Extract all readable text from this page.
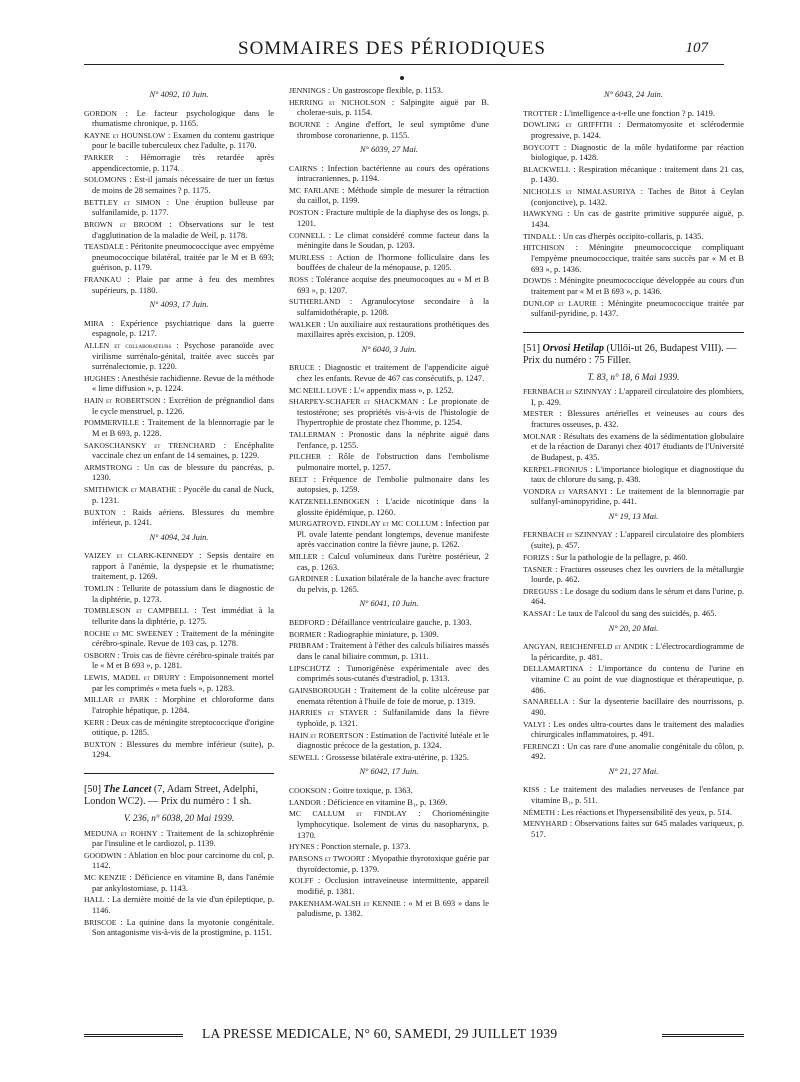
SOMMAIRES DES PÉRIODIQUES	107
N° 4092, 10 Juin.
GORDON : Le facteur psychologique dans le rhumatisme chronique, p. 1165.
KAYNE et HOUNSLOW : Examen du contenu gastrique pour le bacille tuberculeux chez l'adulte, p. 1170.
PARKER : Hémorragie très retardée après appendicectomie, p. 1174.
SOLOMONS : Est-il jamais nécessaire de tuer un fœtus de moins de 28 semaines ? p. 1175.
BETTLEY et SIMON : Une éruption bulleuse par sulfanilamide, p. 1177.
BROWN et BROOM : Observations sur le test d'agglutination de la maladie de Weil, p. 1178.
TEASDALE : Péritonite pneumococcique avec empyème pneumococcique bilatéral, traitée par le M et B 693; guérison, p. 1179.
FRANKAU : Plaie par arme à feu des membres supérieurs, p. 1180.
N° 4093, 17 Juin.
MIRA : Expérience psychiatrique dans la guerre espagnole, p. 1217.
ALLEN et collaborateurs : Psychose paranoïde avec virilisme surrénalo-génital, traitée avec succès par surrénalectomie, p. 1220.
HUGHES : Anesthésie rachidienne. Revue de la méthode « lime diffusion », p. 1224.
HAIN et ROBERTSON : Excrétion de prégnandiol dans le cycle menstruel, p. 1226.
POMMERVILLE : Traitement de la blennorragie par le M et B 693, p. 1228.
SAKOSCHANSKY et TRENCHARD : Encéphalite vaccinale chez un enfant de 14 semaines, p. 1229.
ARMSTRONG : Un cas de blessure du pancréas, p. 1230.
SMITHWICK et MABATHE : Pyocèle du canal de Nuck, p. 1231.
BUXTON : Raids aériens. Blessures du membre inférieur, p. 1241.
N° 4094, 24 Juin.
VAIZEY et CLARK-KENNEDY : Sepsis dentaire en rapport à l'anémie, la dyspepsie et le rhumatisme; traitement, p. 1269.
TOMLIN : Tellurite de potassium dans le diagnostic de la diphtérie, p. 1273.
TOMBLESON et CAMPBELL : Test immédiat à la tellurite dans la diphtérie, p. 1275.
ROCHE et MC SWEENEY : Traitement de la méningite cérébro-spinale. Revue de 103 cas, p. 1278.
OSBORN : Trois cas de fièvre cérébro-spinale traités par le « M et B 693 », p. 1281.
LEWIS, MADEL et DRURY : Empoisonnement mortel par les comprimés « meta fuels », p. 1283.
MILLAR et PARK : Morphine et chloroforme dans l'atrophie hépatique, p. 1284.
KERR : Deux cas de méningite streptococcique d'origine otitique, p. 1285.
BUXTON : Blessures du membre inférieur (suite), p. 1294.
[50] The Lancet (7, Adam Street, Adelphi, London WC2). — Prix du numéro : 1 sh.
V. 236, n° 6038, 20 Mai 1939.
MEDUNA et ROHNY : Traitement de la schizophrénie par l'insuline et le cardiozol, p. 1139.
GOODWIN : Ablation en bloc pour carcinome du col, p. 1142.
MC KENZIE : Déficience en vitamine B, dans l'anémie par ankylostomiase, p. 1143.
HALL : La dernière moitié de la vie d'un épileptique, p. 1146.
BRISCOE : La quinine dans la myotonie congénitale. Son antagonisme vis-à-vis de la prostigmine, p. 1151.
JENNINGS : Un gastroscope flexible, p. 1153.
HERRING et NICHOLSON : Salpingite aiguë par B. cholerae-suis, p. 1154.
BOURNE : Angine d'effort, le seul symptôme d'une thrombose coronarienne, p. 1155.
N° 6039, 27 Mai.
CAIRNS : Infection bactérienne au cours des opérations intracraniennes, p. 1194.
MC FARLANE : Méthode simple de mesurer la rétraction du caillot, p. 1199.
POSTON : Fracture multiple de la diaphyse des os longs, p. 1201.
CONNELL : Le climat considéré comme facteur dans la méningite dans le Soudan, p. 1203.
MURLESS : Action de l'hormone folliculaire dans les bouffées de chaleur de la ménopause, p. 1205.
ROSS : Tolérance acquise des pneumocoques au « M et B 693 », p. 1207.
SUTHERLAND : Agranulocytose secondaire à la sulfamidothérapie, p. 1208.
WALKER : Un auxiliaire aux restaurations prothétiques des maxillaires après excision, p. 1209.
N° 6040, 3 Juin.
BRUCE : Diagnostic et traitement de l'appendicite aiguë chez les enfants. Revue de 467 cas consécutifs, p. 1247.
MC NEILL LOVE : L'« appendix mass », p. 1252.
SHARPEY-SCHAFER et SHACKMAN : Le propionate de testostérone; ses propriétés vis-à-vis de l'histologie de l'hypertrophie de prostate chez l'homme, p. 1254.
TALLERMAN : Pronostic dans la néphrite aiguë dans l'enfance, p. 1255.
PILCHER : Rôle de l'obstruction dans l'embolisme pulmonaire mortel, p. 1257.
BELT : Fréquence de l'embolie pulmonaire dans les autopsies, p. 1259.
KATZENELLENBOGEN : L'acide nicotinique dans la glossite épidémique, p. 1260.
MURGATROYD, FINDLAY et MC COLLUM : Infection par Pl. ovale latente pendant longtemps, devenue manifeste après vaccination contre la fièvre jaune, p. 1262.
MILLER : Calcul volumineux dans l'urètre postérieur, 2 cas, p. 1263.
GARDINER : Luxation bilatérale de la hanche avec fracture du pelvis, p. 1265.
N° 6041, 10 Juin.
BEDFORD : Défaillance ventriculaire gauche, p. 1303.
BORMER : Radiographie miniature, p. 1309.
PRIBRAM : Traitement à l'éther des calculs biliaires massés dans le canal biliaire commun, p. 1311.
LIPSCHÜTZ : Tumorigénèse expérimentale avec des comprimés sous-cutanés d'œstradiol, p. 1313.
GAINSBOROUGH : Traitement de la colite ulcéreuse par enemata rétention à l'huile de foie de morue, p. 1319.
HARRIES et STAYER : Sulfanilamide dans la fièvre typhoïde, p. 1321.
HAIN et ROBERTSON : Estimation de l'activité lutéale et le diagnostic précoce de la gestation, p. 1324.
SEWELL : Grossesse bilatérale extra-utérine, p. 1325.
N° 6042, 17 Juin.
COOKSON : Goitre toxique, p. 1363.
LANDOR : Déficience en vitamine B₁, p. 1369.
MC CALLUM et FINDLAY : Chorioméningite lymphocytique. Isolement de virus du nasopharynx, p. 1370.
HYNES : Ponction sternale, p. 1373.
PARSONS et TWOORT : Myopathie thyrotoxique guérie par thyroïdectomie, p. 1379.
KOLFF : Occlusion intraveineuse intermittente, appareil modifié, p. 1381.
PAKENHAM-WALSH et KENNIE : « M et B 693 » dans le paludisme, p. 1382.
N° 6043, 24 Juin.
TROTTER : L'intelligence a-t-elle une fonction ? p. 1419.
DOWLING et GRIFFITH : Dermatomyosite et sclérodermie progressive, p. 1424.
BOYCOTT : Diagnostic de la môle hydatiforme par réaction biologique, p. 1428.
BLACKWELL : Respiration mécanique : traitement dans 21 cas, p. 1430.
NICHOLLS et NIMALASURIYA : Taches de Bitot à Ceylan (conjonctive), p. 1432.
HAWKYNG : Un cas de gastrite primitive suppurée aiguë, p. 1434.
TINDALL : Un cas d'herpès occipito-collaris, p. 1435.
HITCHISON : Méningite pneumococcique compliquant l'empyème pneumococcique, traitée sans succès par « M et B 693 », p. 1436.
DOWDS : Méningite pneumococcique développée au cours d'un traitement par « M et B 693 », p. 1436.
DUNLOP et LAURIE : Méningite pneumococcique traitée par sulfanil-pyridine, p. 1437.
[51] Orvosi Hetilap (Ullői-ut 26, Budapest VIII). — Prix du numéro : 75 Filler.
T. 83, n° 18, 6 Mai 1939.
FERNBACH et SZINNYAY : L'appareil circulatoire des plombiers, I, p. 429.
MESTER : Blessures artérielles et veineuses au cours des fractures osseuses, p. 432.
MOLNAR : Résultats des examens de la sédimentation globulaire et de la réaction de Daranyi chez 4017 étudiants de l'Université de Budapest, p. 435.
KERPEL-FRONIUS : L'importance biologique et diagnostique du taux de chlorure du sang, p. 438.
VONDRA et VARSANYI : Le traitement de la blennorragie par sulfanyl-aminopyridine, p. 441.
N° 19, 13 Mai.
FERNBACH et SZINNYAY : L'appareil circulatoire des plombiers (suite), p. 457.
FORIZS : Sur la pathologie de la pellagre, p. 460.
TASNER : Fractures osseuses chez les ouvriers de la métallurgie lourde, p. 462.
DREGUSS : Le dosage du sodium dans le sérum et dans l'urine, p. 464.
KASSAI : Le taux de l'alcool du sang des suicidés, p. 465.
N° 20, 20 Mai.
ANGYAN, REICHENFELD et ANDIK : L'électrocardiogramme de la péricardite, p. 481.
DELLAMARTINA : L'importance du contenu de l'urine en vitamine C au point de vue diagnostique et thérapeutique, p. 486.
SANARELLA : Sur la dysenterie bacillaire des nourrissons, p. 490.
VALYI : Les ondes ultra-courtes dans le traitement des maladies chirurgicales inflammatoires, p. 491.
FERENCZI : Un cas rare d'une anomalie congénitale du côlon, p. 492.
N° 21, 27 Mai.
KISS : Le traitement des maladies nerveuses de l'enfance par vitamine B₁, p. 511.
NÉMETH : Les réactions et l'hypersensibilité des yeux, p. 514.
MENYHARD : Observations faites sur 645 malades variqueux, p. 517.
LA PRESSE MEDICALE, N° 60, SAMEDI, 29 JUILLET 1939
